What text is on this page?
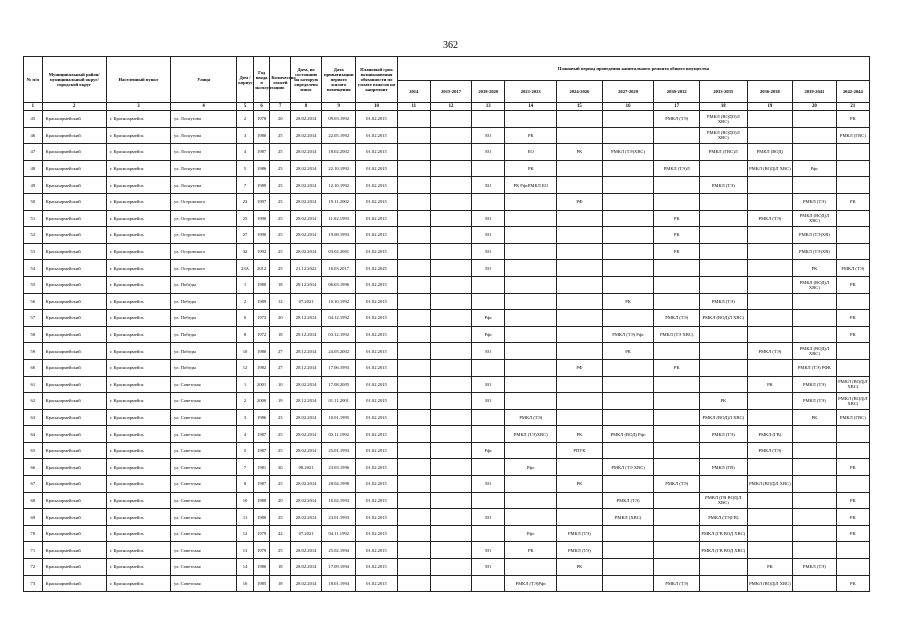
362
№ п/п	Муниципальный район/ муниципальный округ/городской округ	Населенный пункт	Улица	Дом / корпус	Год ввода в эксплуатацию	Количество этажей	Дата, по состоянию на которую определено износ	Дата приватизации первого жилого помещения	Плановый срок возникновения обязанности по уплате взносов на капремонт	Плановый период проведения капитального ремонта общего имущества										
										2014	2015-2017	2018-2020	2021-2023	2024-2026	2027-2029	2030-2032	2033-2035	2036-2038	2039-2041	2042-2044
1	2	3	4	5	6	7	8	9	10	11	12	13	14	15	16	17	18	19	20	21
45	Красноармейский	г. Красноармейск	ул. Лоскутова	2	1978	20	28.02.2014	09.03.1992	01.02.2015							РМКЛ (ТЭ)	РМКЛ (ВОДО)Л ХВС)			РК
46	Красноармейский	г. Красноармейск	ул. Лоскутова	3	1980	25	28.02.2014	22.05.1992	01.02.2015			ЕО	РК				РМКЛ (ВОДО)Л ХВС)			РМКЛ (ГВС)
47	Красноармейский	г. Красноармейск	ул. Лоскутова	4	1987	25	28.02.2014	18.02.2002	01.02.2015			ЕО	ЕО	РК	РМКЛ (ТЭ)ХВС)		РМКЛ (ГВС)Л	РМКЛ (ВОД)		
48	Красноармейский	г. Красноармейск	ул. Лоскутова	5	1986	25	28.02.2014	22.10.1992	01.02.2015				РК			РМКЛ (ТЭ)Л		РМКЛ (ВОД)Л ХВС)	Рфс	
49	Красноармейский	г. Красноармейск	ул. Лоскутова	7	1989	25	28.02.2014	12.10.1992	01.02.2015			ЕО	РК РфсРМКЛ ЕО				РМКЛ (ТЭ)			
50	Красноармейский	г. Красноармейск	ул. Островского	23	1997	25	28.02.2014	19.11.2002	01.02.2015					РФ					РМКЛ (ТЭ)	РК
51	Красноармейский	г. Красноармейск	ул. Островского	25	1990	25	28.02.2014	11.02.1993	01.02.2015			ЕО				РК		РМКЛ (ТЭ)	РМКЛ (ВОД)Л ХВС)	
52	Красноармейский	г. Красноармейск	ул. Островского	27	1990	25	28.02.2014	19.08.1993	01.02.2015			ЕО				РК			РМКЛ (ТЭ)ХВ)	
53	Красноармейский	г. Красноармейск	ул. Островского	32	1992	25	28.02.2014	03.02.2001	01.02.2015			ЕО				РК			РМКЛ (ТЭ)ХВ)	
54	Красноармейский	г. Красноармейск	ул. Островского	23А	2012	25	21.12.2022	16.03.2017	01.02.2025			ЕО							РК	РМКЛ (ТЭ)
55	Красноармейский	г. Красноармейск	ул. Победы	1	1988	18	28.12.2014	06.03.1996	01.02.2015										РМКЛ (ВОД)Л ХВС)	РК
56	Красноармейский	г. Красноармейск	ул. Победы	2	1989	12	07.2021	10.10.1992	01.02.2015						РК		РМКЛ (ТЭ)			
57	Красноармейский	г. Красноармейск	ул. Победы	6	1973	20	28.12.2014	04.12.1992	01.02.2015			Рфс				РМКЛ (ТЭ)	РМКЛ (ВОД)Л ХВС)			РК
58	Красноармейский	г. Красноармейск	ул. Победы	8	1972	18	28.12.2014	03.12.1992	01.02.2015			Рфс			РМКЛ (ТЭ) Рфс	РМКЛ (ТЭ ХВС)				РК
59	Красноармейский	г. Красноармейск	ул. Победы	10	1980	27	28.12.2014	24.05.2002	01.02.2015			ЕО			РК			РМКЛ (ТЭ)	РМКЛ (ВОД)Л ХВС)	
60	Красноармейский	г. Красноармейск	ул. Победы	12	1982	27	28.12.2014	17.06.1993	01.02.2015					РФ		РК			РМКЛ (ТЭ) РФК	
61	Красноармейский	г. Красноармейск	ул. Советская	1	2001	10	28.02.2014	17.08.2005	01.02.2015			ЕО						РК	РМКЛ (ТЭ)	РМКЛ (ВОД)Л ХВС)
62	Красноармейский	г. Красноармейск	ул. Советская	2	2000	19	28.12.2014	01.11.2001	01.02.2015			ЕО					РК		РМКЛ (ТЭ)	РМКЛ (ВОД)Л ХВС)
63	Красноармейский	г. Красноармейск	ул. Советская	3	1986	23	28.02.2014	10.01.1995	01.02.2015				РМКЛ (ТЭ)				РМКЛ (ВОД)Л ХВС)		РК	РМКЛ (ГВС)
64	Красноармейский	г. Красноармейск	ул. Советская	4	1987	25	28.02.2014	03.11.1992	01.02.2015				РМКЛ (ТЭ)ХВС)	РК	РМКЛ (ВОД) Рфс		РМКЛ (ТЭ)	РМКЛ (ГВ)		
65	Красноармейский	г. Красноармейск	ул. Советская	5	1987	25	28.02.2014	25.01.1993	01.02.2015			Рфс		РПУК				РМКЛ (ТЭ)		
66	Красноармейский	г. Красноармейск	ул. Советская	7	1981	30	08.2021	23.03.1996	01.02.2015				Рфс		РМКЛ (ТЭ ХВС)		РМКЛ (ГВ)			РК
67	Красноармейский	г. Красноармейск	ул. Советская	8	1987	25	28.02.2014	28.04.1998	01.02.2015			ЕО		РК		РМКЛ (ТЭ)		РМКЛ (ВОД)Л ХВС)		
68	Красноармейский	г. Красноармейск	ул. Советская	10	1980	20	28.02.2014	10.02.1993	01.02.2015						РМКЛ (ТЭ)		РМКЛ (ГВ ВОД)Л ХВС)			РК
69	Красноармейский	г. Красноармейск	ул. Советская	11	1980	25	28.02.2014	23.01.1993	01.02.2015			ЕО			РМКЛ (ХВС)		РМКЛ (ТЭ)ГВ)			РК
70	Красноармейский	г. Красноармейск	ул. Советская	12	1979	42	07.2021	04.11.1992	01.02.2015				Рфс	РМКЛ (ТЭ)			РМКЛ (ГВ ВОД ХВС)			РК
71	Красноармейский	г. Красноармейск	ул. Советская	13	1979	25	28.02.2014	25.02.1994	01.02.2015			ЕО	РК	РМКЛ (ТЭ)			РМКЛ (ГВ ВОД ХВС)			
72	Красноармейский	г. Красноармейск	ул. Советская	14	1986	18	28.02.2014	17.09.1994	01.02.2015			ЕО		РК				РК	РМКЛ (ТЭ)	
73	Красноармейский	г. Красноармейск	ул. Советская	16	1985	18	28.02.2014	18.01.1994	01.02.2015				РМКЛ (ТЭ)Рфс			РМКЛ (ТЭ)		РМКЛ (ВОД)Л ХВС)		РК
